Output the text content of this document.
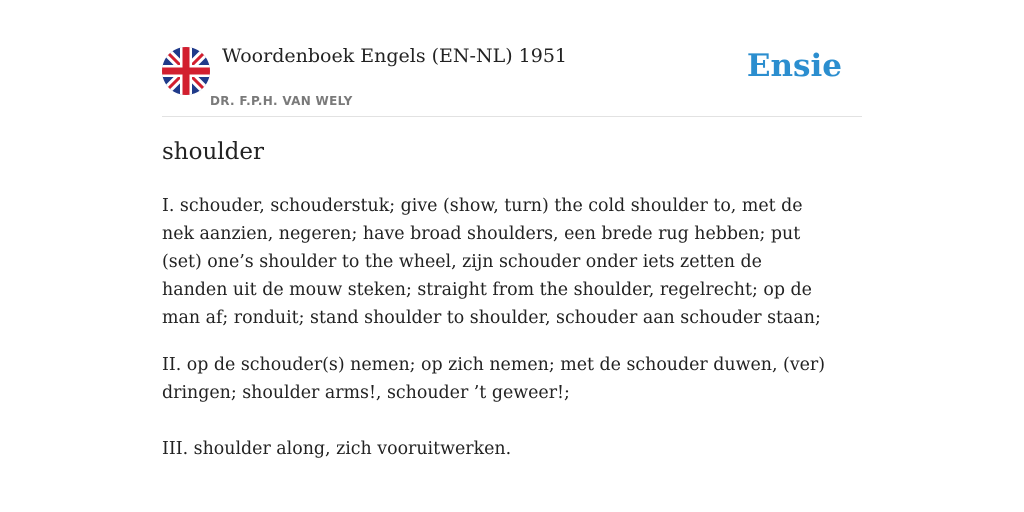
Woordenboek Engels (EN-NL) 1951
DR. F.P.H. VAN WELY
Ensie
shoulder

I. schouder, schouderstuk; give (show, turn) the cold shoulder to, met de nek aanzien, negeren; have broad shoulders, een brede rug hebben; put (set) one’s shoulder to the wheel, zijn schouder onder iets zetten de handen uit de mouw steken; straight from the shoulder, regelrecht; op de man af; ronduit; stand shoulder to shoulder, schouder aan schouder staan;

II. op de schouder(s) nemen; op zich nemen; met de schouder duwen, (ver) dringen; shoulder arms!, schouder ’t geweer!;

III. shoulder along, zich vooruitwerken.
